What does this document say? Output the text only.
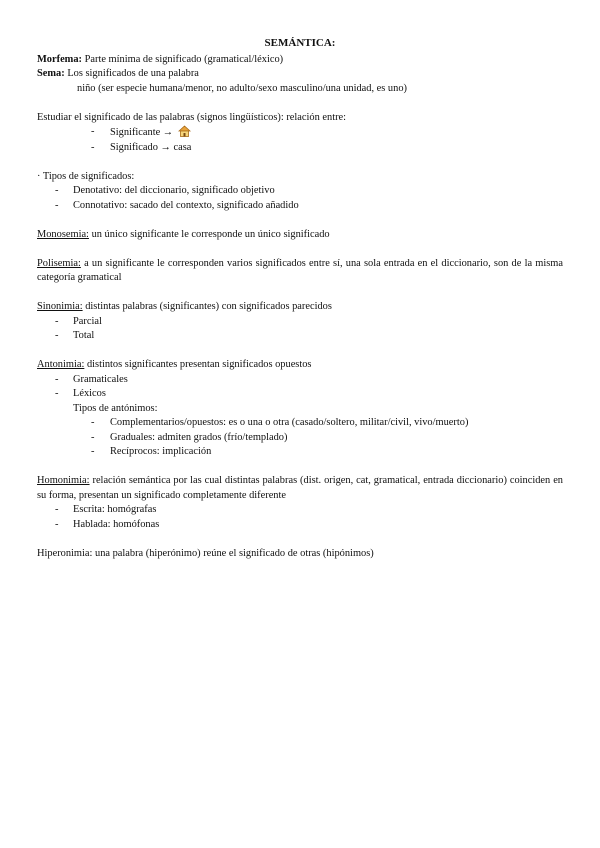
SEMÁNTICA:
Morfema: Parte mínima de significado (gramatical/léxico)
Sema: Los significados de una palabra
niño (ser especie humana/menor, no adulto/sexo masculino/una unidad, es uno)
Estudiar el significado de las palabras (signos lingüísticos): relación entre:
- Significante →
- Significado → casa
· Tipos de significados:
- Denotativo: del diccionario, significado objetivo
- Connotativo: sacado del contexto, significado añadido
Monosemia: un único significante le corresponde un único significado
Polisemia: a un significante le corresponden varios significados entre sí, una sola entrada en el diccionario, son de la misma categoría gramatical
Sinonimia: distintas palabras (significantes) con significados parecidos
- Parcial
- Total
Antonimia: distintos significantes presentan significados opuestos
- Gramaticales
- Léxicos
Tipos de antónimos:
- Complementarios/opuestos: es o una o otra (casado/soltero, militar/civil, vivo/muerto)
- Graduales: admiten grados (frío/templado)
- Recíprocos: implicación
Homonimia: relación semántica por las cual distintas palabras (dist. origen, cat, gramatical, entrada diccionario) coinciden en su forma, presentan un significado completamente diferente
- Escrita: homógrafas
- Hablada: homófonas
Hiperonimia: una palabra (hiperónimo) reúne el significado de otras (hipónimos)
